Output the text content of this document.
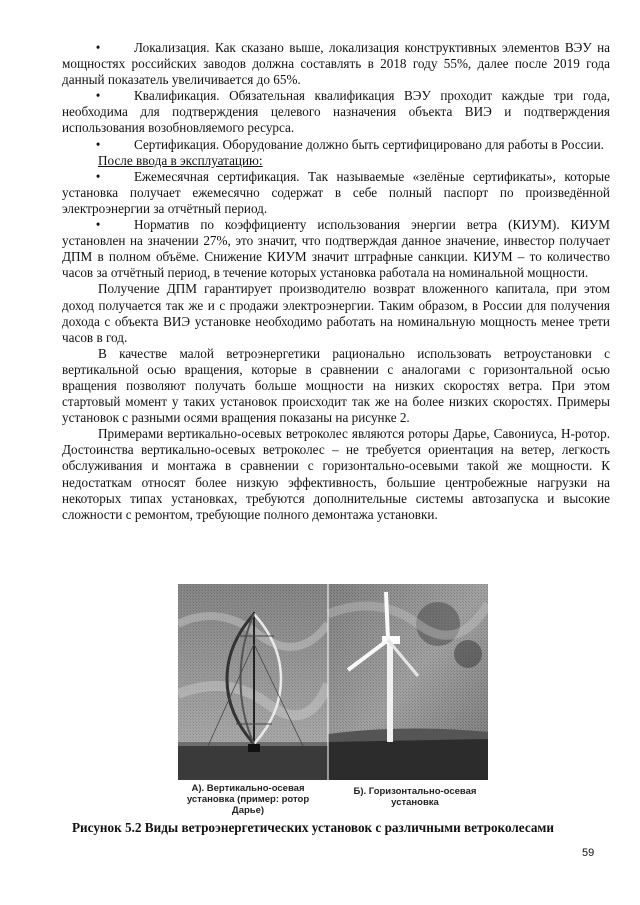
•	Локализация. Как сказано выше, локализация конструктивных элементов ВЭУ на мощностях российских заводов должна составлять в 2018 году 55%, далее после 2019 года данный показатель увеличивается до 65%.

•	Квалификация. Обязательная квалификация ВЭУ проходит каждые три года, необходима для подтверждения целевого назначения объекта ВИЭ и подтверждения использования возобновляемого ресурса.

•	Сертификация. Оборудование должно быть сертифицировано для работы в России.

После ввода в эксплуатацию:

•	Ежемесячная сертификация. Так называемые «зелёные сертификаты», которые установка получает ежемесячно содержат в себе полный паспорт по произведённой электроэнергии за отчётный период.

•	Норматив по коэффициенту использования энергии ветра (КИУМ). КИУМ установлен на значении 27%, это значит, что подтверждая данное значение, инвестор получает ДПМ в полном объёме. Снижение КИУМ значит штрафные санкции. КИУМ – то количество часов за отчётный период, в течение которых установка работала на номинальной мощности.

Получение ДПМ гарантирует производителю возврат вложенного капитала, при этом доход получается так же и с продажи электроэнергии. Таким образом, в России для получения дохода с объекта ВИЭ установке необходимо работать на номинальную мощность менее трети часов в год.

В качестве малой ветроэнергетики рационально использовать ветроустановки с вертикальной осью вращения, которые в сравнении с аналогами с горизонтальной осью вращения позволяют получать больше мощности на низких скоростях ветра. При этом стартовый момент у таких установок происходит так же на более низких скоростях. Примеры установок с разными осями вращения показаны на рисунке 2.

Примерами вертикально-осевых ветроколес являются роторы Дарье, Савониуса, Н-ротор. Достоинства вертикально-осевых ветроколес – не требуется ориентация на ветер, легкость обслуживания и монтажа в сравнении с горизонтально-осевыми такой же мощности. К недостаткам относят более низкую эффективность, большие центробежные нагрузки на некоторых типах установках, требуются дополнительные системы автозапуска и высокие сложности с ремонтом, требующие полного демонтажа установки.

А). Вертикально-осевая установка (пример: ротор Дарье)
Б). Горизонтально-осевая установка
Рисунок 5.2 Виды ветроэнергетических установок с различными ветроколесами
59
